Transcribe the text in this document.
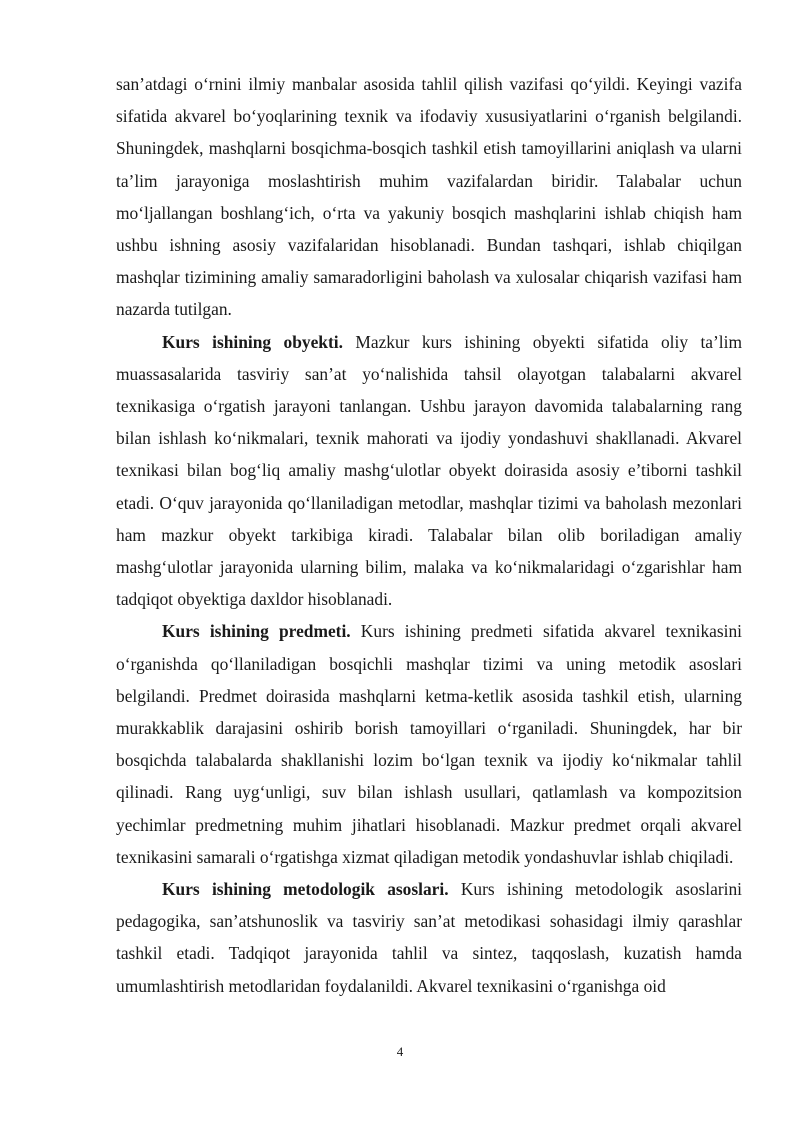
san’atdagi o‘rnini ilmiy manbalar asosida tahlil qilish vazifasi qo‘yildi. Keyingi vazifa sifatida akvarel bo‘yoqlarining texnik va ifodaviy xususiyatlarini o‘rganish belgilandi. Shuningdek, mashqlarni bosqichma-bosqich tashkil etish tamoyillarini aniqlash va ularni ta’lim jarayoniga moslashtirish muhim vazifalardan biridir. Talabalar uchun mo‘ljallangan boshlang‘ich, o‘rta va yakuniy bosqich mashqlarini ishlab chiqish ham ushbu ishning asosiy vazifalaridan hisoblanadi. Bundan tashqari, ishlab chiqilgan mashqlar tizimining amaliy samaradorligini baholash va xulosalar chiqarish vazifasi ham nazarda tutilgan.

Kurs ishining obyekti. Mazkur kurs ishining obyekti sifatida oliy ta’lim muassasalarida tasviriy san’at yo‘nalishida tahsil olayotgan talabalarni akvarel texnikasiga o‘rgatish jarayoni tanlangan. Ushbu jarayon davomida talabalarning rang bilan ishlash ko‘nikmalari, texnik mahorati va ijodiy yondashuvi shakllanadi. Akvarel texnikasi bilan bog‘liq amaliy mashg‘ulotlar obyekt doirasida asosiy e’tiborni tashkil etadi. O‘quv jarayonida qo‘llaniladigan metodlar, mashqlar tizimi va baholash mezonlari ham mazkur obyekt tarkibiga kiradi. Talabalar bilan olib boriladigan amaliy mashg‘ulotlar jarayonida ularning bilim, malaka va ko‘nikmalaridagi o‘zgarishlar ham tadqiqot obyektiga daxldor hisoblanadi.

Kurs ishining predmeti. Kurs ishining predmeti sifatida akvarel texnikasini o‘rganishda qo‘llaniladigan bosqichli mashqlar tizimi va uning metodik asoslari belgilandi. Predmet doirasida mashqlarni ketma-ketlik asosida tashkil etish, ularning murakkablik darajasini oshirib borish tamoyillari o‘rganiladi. Shuningdek, har bir bosqichda talabalarda shakllanishi lozim bo‘lgan texnik va ijodiy ko‘nikmalar tahlil qilinadi. Rang uyg‘unligi, suv bilan ishlash usullari, qatlamlash va kompozitsion yechimlar predmetning muhim jihatlari hisoblanadi. Mazkur predmet orqali akvarel texnikasini samarali o‘rgatishga xizmat qiladigan metodik yondashuvlar ishlab chiqiladi.

Kurs ishining metodologik asoslari. Kurs ishining metodologik asoslarini pedagogika, san’atshunoslik va tasviriy san’at metodikasi sohasidagi ilmiy qarashlar tashkil etadi. Tadqiqot jarayonida tahlil va sintez, taqqoslash, kuzatish hamda umumlashtirish metodlaridan foydalanildi. Akvarel texnikasini o‘rganishga oid

4
